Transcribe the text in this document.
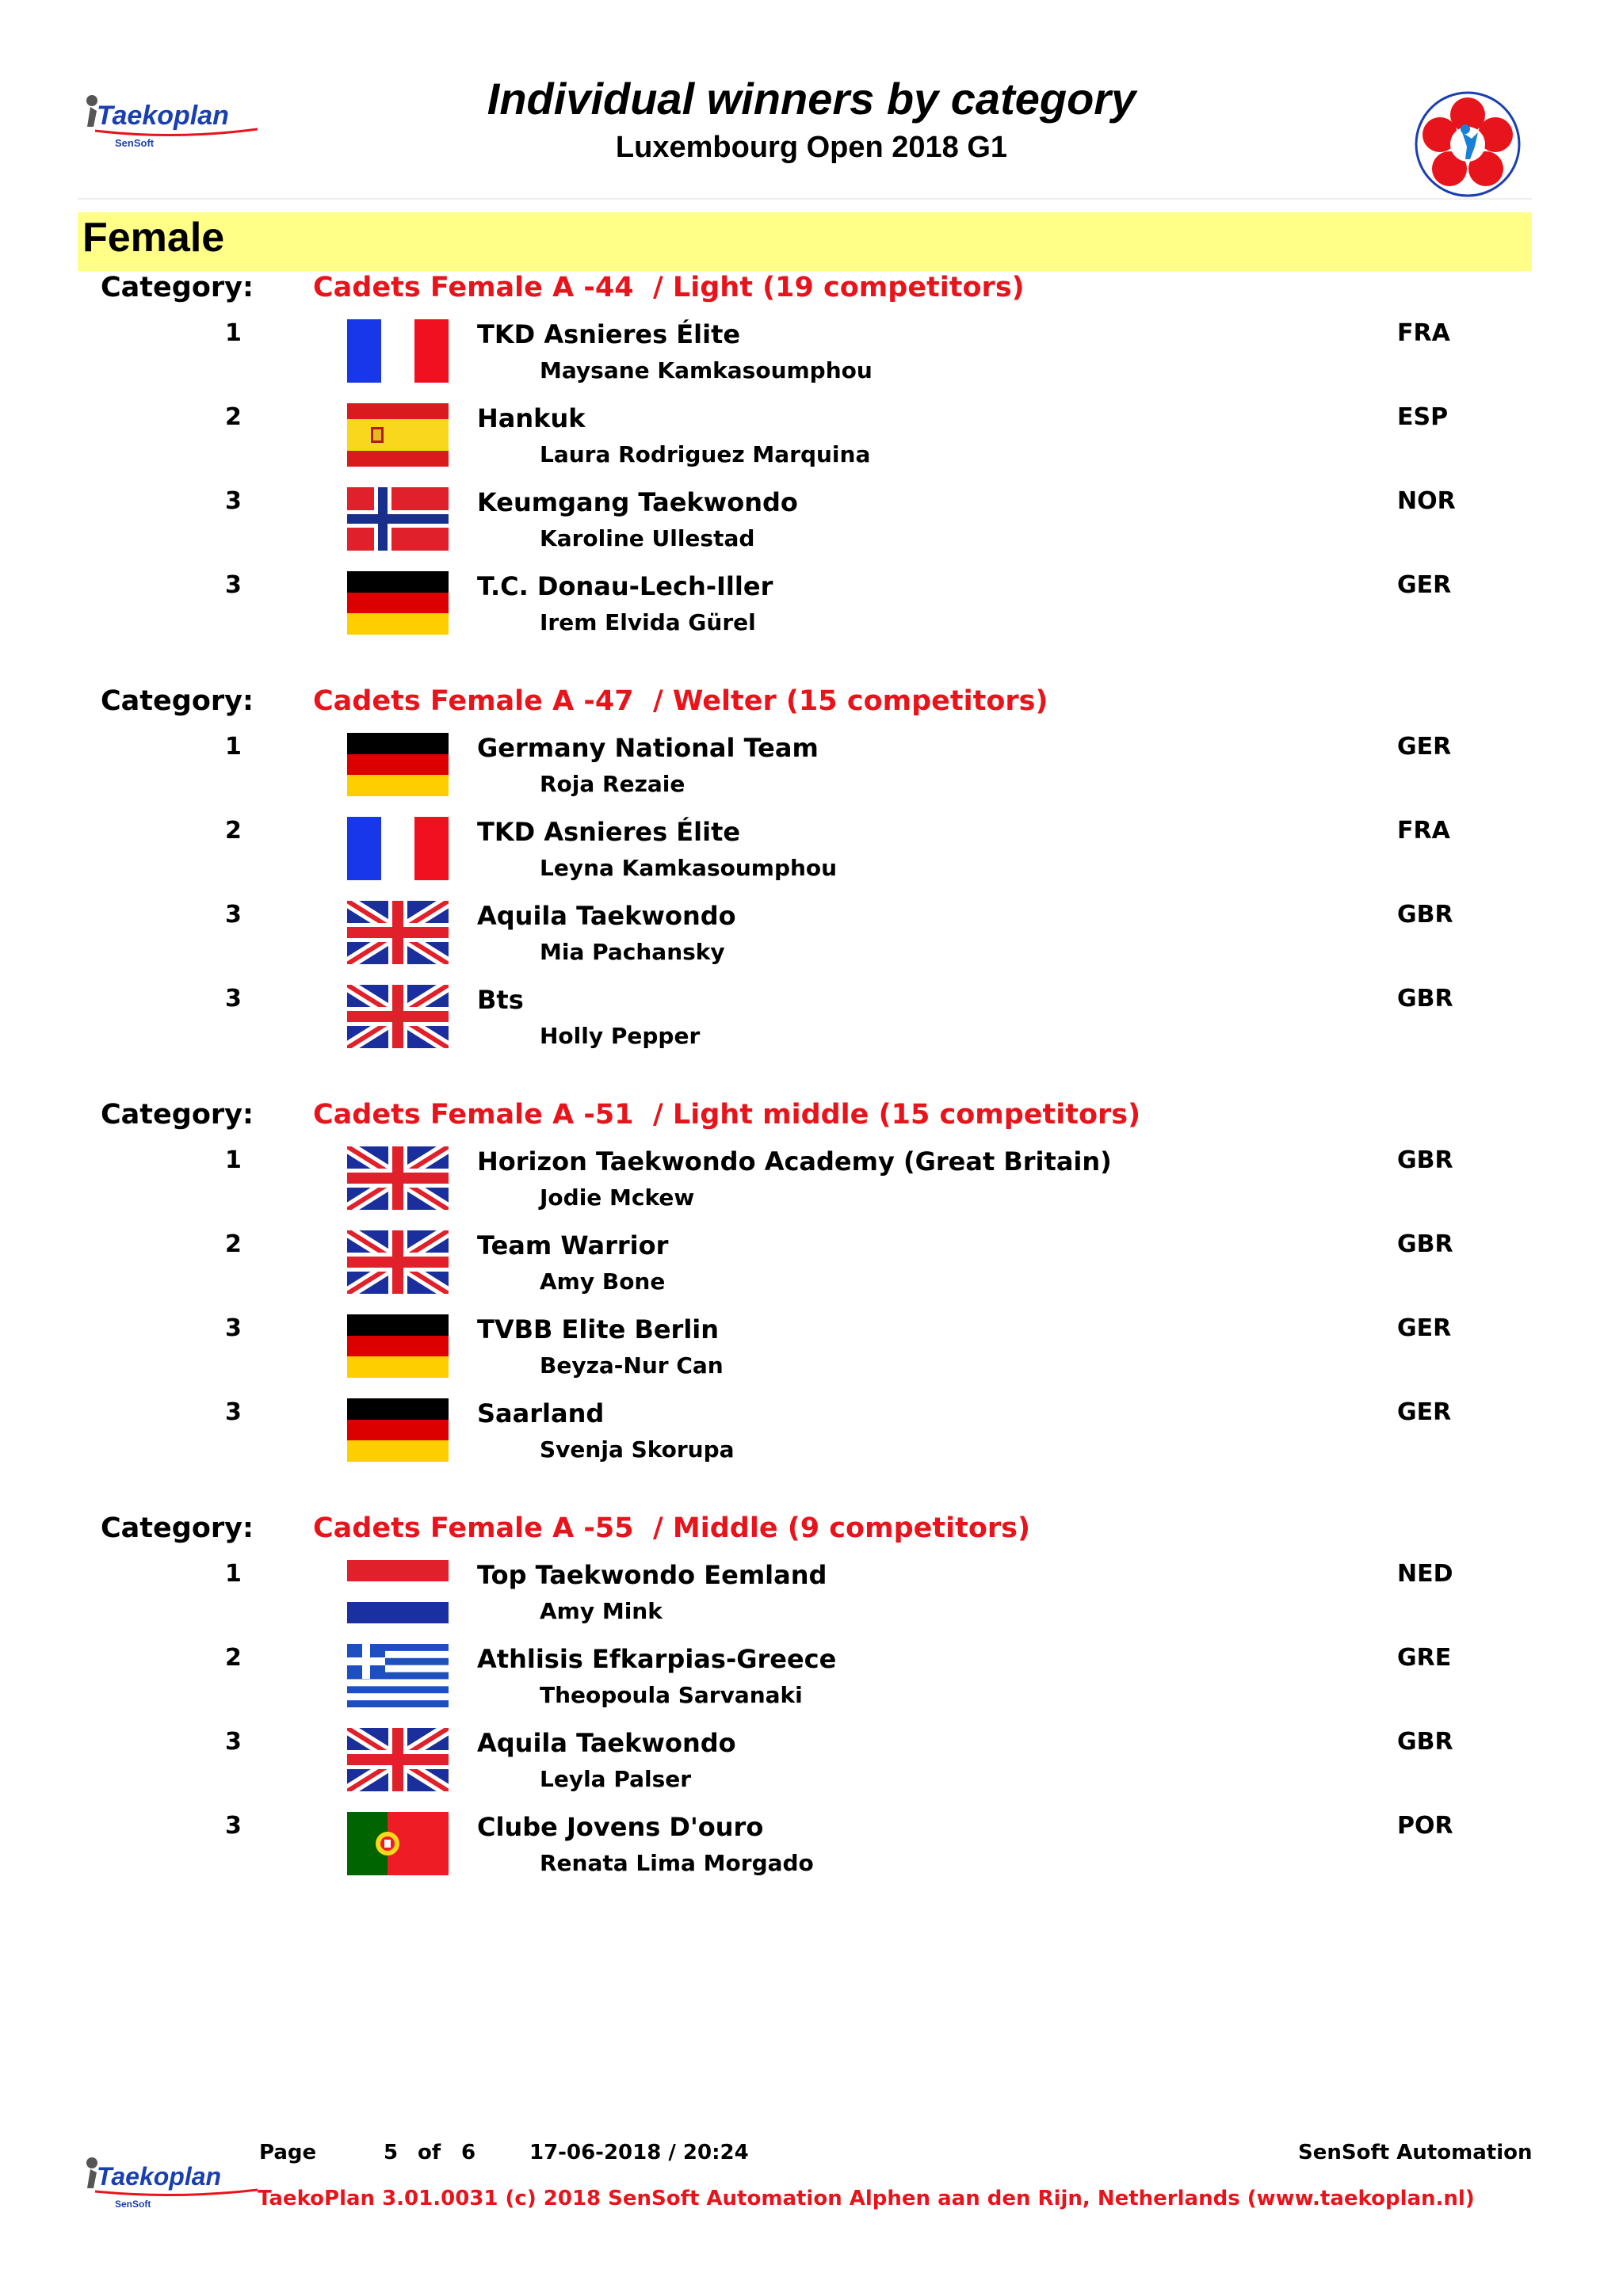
Taekoplan
SenSoft
Individual winners by category
Luxembourg Open 2018 G1
Female
Category: Cadets Female A -44  / Light (19 competitors)
1	TKD Asnieres Élite
Maysane Kamkasoumphou
FRA
2	Hankuk
Laura Rodriguez Marquina
ESP
3	Keumgang Taekwondo
Karoline Ullestad
NOR
3	T.C. Donau-Lech-Iller
Irem Elvida Gürel
GER
Category: Cadets Female A -47  / Welter (15 competitors)
1	Germany National Team
Roja Rezaie
GER
2	TKD Asnieres Élite
Leyna Kamkasoumphou
FRA
3	Aquila Taekwondo
Mia Pachansky
GBR
3	Bts
Holly Pepper
GBR
Category: Cadets Female A -51  / Light middle (15 competitors)
1	Horizon Taekwondo Academy (Great Britain)
Jodie Mckew
GBR
2	Team Warrior
Amy Bone
GBR
3	TVBB Elite Berlin
Beyza-Nur Can
GER
3	Saarland
Svenja Skorupa
GER
Category: Cadets Female A -55  / Middle (9 competitors)
1	Top Taekwondo Eemland
Amy Mink
NED
2	Athlisis Efkarpias-Greece
Theopoula Sarvanaki
GRE
3	Aquila Taekwondo
Leyla Palser
GBR
3	Clube Jovens D'ouro
Renata Lima Morgado
POR
Taekoplan
SenSoft
Page	5 of 6	17-06-2018 / 20:24	SenSoft Automation
TaekoPlan 3.01.0031 (c) 2018 SenSoft Automation Alphen aan den Rijn, Netherlands (www.taekoplan.nl)
